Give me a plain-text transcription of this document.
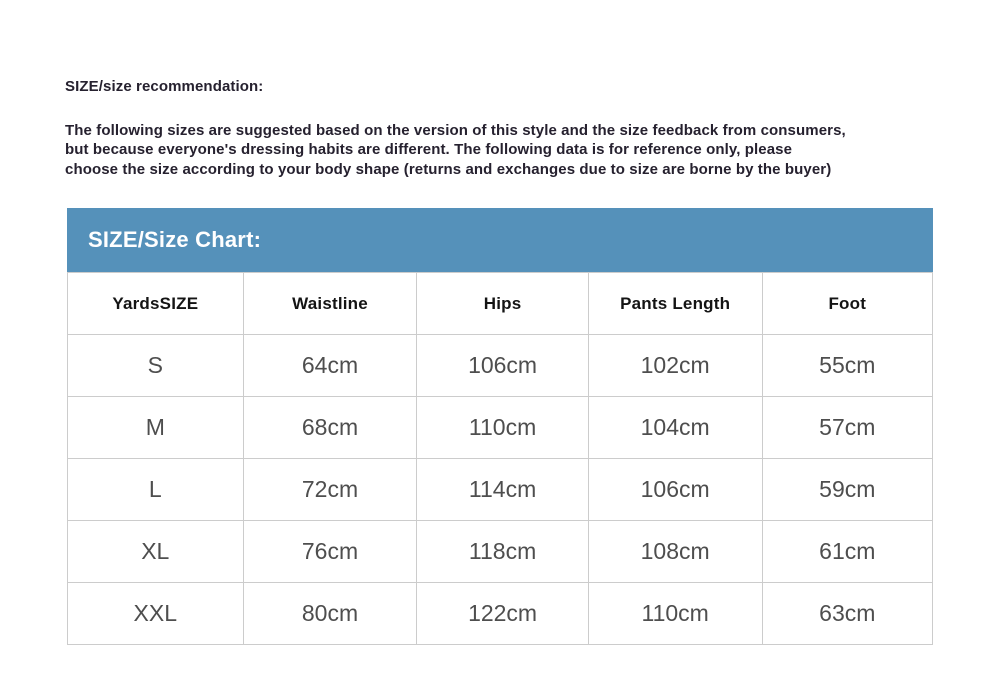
SIZE/size recommendation:
The following sizes are suggested based on the version of this style and the size feedback from consumers,
but because everyone's dressing habits are different. The following data is for reference only, please
choose the size according to your body shape (returns and exchanges due to size are borne by the buyer)
SIZE/Size Chart:
YardsSIZE	Waistline	Hips	Pants Length	Foot
S	64cm	106cm	102cm	55cm
M	68cm	110cm	104cm	57cm
L	72cm	114cm	106cm	59cm
XL	76cm	118cm	108cm	61cm
XXL	80cm	122cm	110cm	63cm
